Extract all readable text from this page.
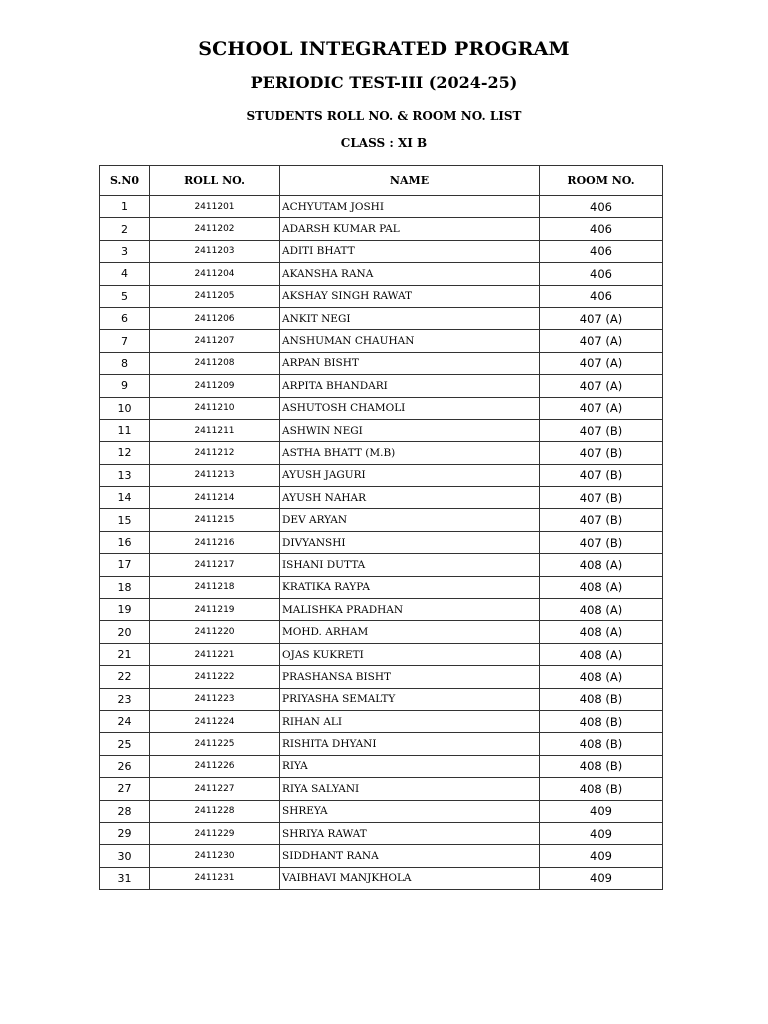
SCHOOL INTEGRATED PROGRAM
PERIODIC TEST-III (2024-25)
STUDENTS ROLL NO. & ROOM NO. LIST
CLASS : XI B
S.N0	ROLL NO.	NAME	ROOM NO.
1	2411201	ACHYUTAM JOSHI	406
2	2411202	ADARSH KUMAR PAL	406
3	2411203	ADITI BHATT	406
4	2411204	AKANSHA RANA	406
5	2411205	AKSHAY SINGH RAWAT	406
6	2411206	ANKIT NEGI	407 (A)
7	2411207	ANSHUMAN CHAUHAN	407 (A)
8	2411208	ARPAN BISHT	407 (A)
9	2411209	ARPITA BHANDARI	407 (A)
10	2411210	ASHUTOSH CHAMOLI	407 (A)
11	2411211	ASHWIN NEGI	407 (B)
12	2411212	ASTHA BHATT (M.B)	407 (B)
13	2411213	AYUSH JAGURI	407 (B)
14	2411214	AYUSH NAHAR	407 (B)
15	2411215	DEV ARYAN	407 (B)
16	2411216	DIVYANSHI	407 (B)
17	2411217	ISHANI DUTTA	408 (A)
18	2411218	KRATIKA RAYPA	408 (A)
19	2411219	MALISHKA PRADHAN	408 (A)
20	2411220	MOHD. ARHAM	408 (A)
21	2411221	OJAS KUKRETI	408 (A)
22	2411222	PRASHANSA BISHT	408 (A)
23	2411223	PRIYASHA SEMALTY	408 (B)
24	2411224	RIHAN ALI	408 (B)
25	2411225	RISHITA DHYANI	408 (B)
26	2411226	RIYA	408 (B)
27	2411227	RIYA SALYANI	408 (B)
28	2411228	SHREYA	409
29	2411229	SHRIYA RAWAT	409
30	2411230	SIDDHANT RANA	409
31	2411231	VAIBHAVI MANJKHOLA	409
